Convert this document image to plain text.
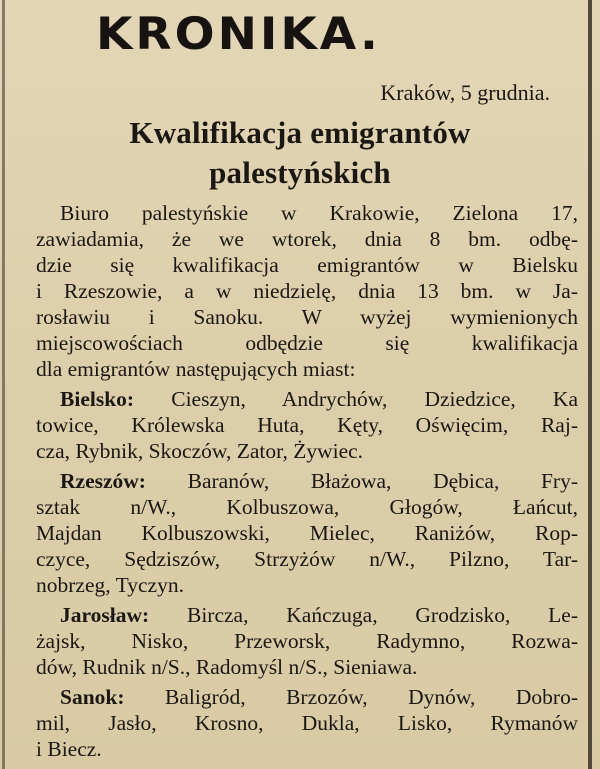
KRONIKA.
Kraków, 5 grudnia.
Kwalifikacja emigrantów
palestyńskich
Biuro palestyńskie w Krakowie, Zielona 17,
zawiadamia, że we wtorek, dnia 8 bm. odbę-
dzie się kwalifikacja emigrantów w Bielsku
i Rzeszowie, a w niedzielę, dnia 13 bm. w Ja-
rosławiu i Sanoku. W wyżej wymienionych
miejscowościach odbędzie się kwalifikacja
dla emigrantów następujących miast:
Bielsko: Cieszyn, Andrychów, Dziedzice, Ka
towice, Królewska Huta, Kęty, Oświęcim, Raj-
cza, Rybnik, Skoczów, Zator, Żywiec.
Rzeszów: Baranów, Błażowa, Dębica, Fry-
sztak n/W., Kolbuszowa, Głogów, Łańcut,
Majdan Kolbuszowski, Mielec, Raniżów, Rop-
czyce, Sędziszów, Strzyżów n/W., Pilzno, Tar-
nobrzeg, Tyczyn.
Jarosław: Bircza, Kańczuga, Grodzisko, Le-
żajsk, Nisko, Przeworsk, Radymno, Rozwa-
dów, Rudnik n/S., Radomyśl n/S., Sieniawa.
Sanok: Baligród, Brzozów, Dynów, Dobro-
mil, Jasło, Krosno, Dukla, Lisko, Rymanów
i Biecz.
